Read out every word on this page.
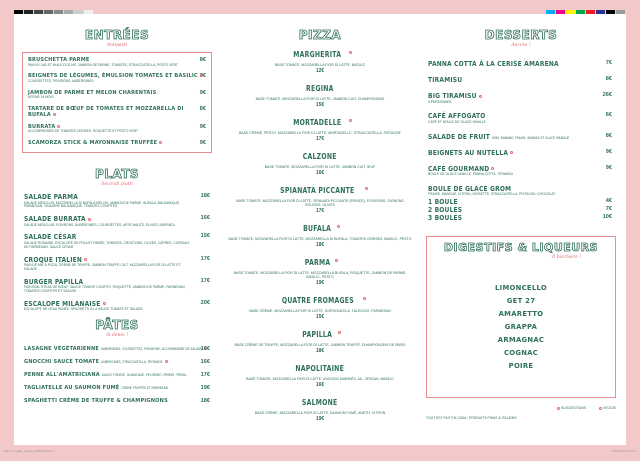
ENTRÉES
Antipasti
BRUSCHETTA PARME
PAIN À L'AIL ET HUILE D'OLIVE, JAMBON DE PARME, TOMATES, STRACCIATELLA, PESTO VERT
8€
BEIGNETS DE LÉGUMES, ÉMULSION TOMATES ET BASILIC
COURGETTES, POIVRONS, AUBERGINES
7€
JAMBON DE PARME ET MELON CHARENTAIS
AFFINÉ 24 MOIS
9€
TARTARE DE BŒUF DE TOMATES ET MOZZARELLA DI BUFALA
8€
BURRATA
ACCOMPAGNÉE DE TOMATES CERISES, ROQUETTE ET PESTO VERT
9€
SCAMORZA STICK & MAYONNAISE TRUFFÉE	9€
PLATS
Secondi piatti
SALADE PARMA
SALADE MESCLUN, MOZZARELLA DI BUFALA MELON, JAMBON DE PARME, BUFALA, BALSAMIQUE, PARMESAN, VINAIGRE BALSAMIQUE, TOMATES CONFITES
18€
SALADE BURRATA
SALADE MESCLUN, POIVRONS, AUBERGINES, COURGETTES, ARTICHAUTS, OLIVES, BURRATA
16€
SALADE CÉSAR
SALADE ROMAINE, ESCALOPE DE POULET PANÉE, TOMATES, CROÛTONS, OLIVES, CÂPRES, COPEAUX DE PARMESAN, SAUCE CÉSAR
15€
CROQUE ITALIEN
PAIN DE MIE À PIZZA, CRÈME DE TRUFFE, JAMBON TRUFFÉ CUIT, MOZZARELLA FIOR DI LATTE ET SALADE
17€
BURGER PAPILLA
PAIN BUN, STEAK DE BŒUF, SAUCE TOMATE CONFITE, ROQUETTE, JAMBON DE PARME, PARMESAN, TOMATES CONFITES ET SALADE
17€
ESCALOPE MILANAISE
ESCALOPE DE VEAU PANÉE, SPAGHETTI À LA SAUCE TOMATE ET SALADE
20€
PÂTES
Al dente !
LASAGNE VÉGÉTARIENNE AUBERGINES, COURGETTES, POIVRONS, ACCOMPAGNÉE DE SALADE
16€
GNOCCHI SAUCE TOMATE AUBERGINES, STRACCIATELLA, FROMAGE	16€
PENNE ALL'AMATRICIANA SAUCE TOMATE, GUANCIALE, PECORINO, PIMENT, PERSIL	17€
TAGLIATELLE AU SAUMON FUMÉ CRÈME TRUFFÉE ET PARMESAN	19€
SPAGHETTI CRÈME DE TRUFFE & CHAMPIGNONS	18€
PIZZA
MARGHERITA
BASE TOMATE, MOZZARELLA FIOR DI LATTE, BASILIC
12€
REGINA
BASE TOMATE, MOZZARELLA FIOR DI LATTE, JAMBON CUIT, CHAMPIGNONS
15€
MORTADELLE
BASE CRÈME, PESTO, MOZZARELLA FIOR DI LATTE, MORTADELLE, STRACCIATELLA, PISTACHE
17€
CALZONE
BASE TOMATE, MOZZARELLA FIOR DI LATTE, JAMBON CUIT, ŒUF
16€
SPIANATA PICCANTE
BASE TOMATE, MOZZARELLA FIOR DI LATTE, SPIANATA PICCANTE (PEINCE), POIVRONS, OIGNONS ROUGES, OLIVES
17€
BUFALA
BASE TOMATE, MOZZARELLA FIOR DI LATTE, MOZZARELLA DI BUFALA, TOMATES CERISES, BASILIC, PESTO
18€
PARMA
BASE TOMATE, MOZZARELLA FIOR DI LATTE, MOZZARELLA BUFALA, ROQUETTE, JAMBON DE PARME, BASILIC, PESTO
19€
QUATRE FROMAGES
BASE CRÈME, MOZZARELLA FIOR DI LATTE, GORGONZOLA, TALEGGIO, PARMESAN
15€
PAPILLA
BASE CRÈME DE TRUFFE, MOZZARELLA FIOR DI LATTE, JAMBON TRUFFÉ, CHAMPIGNONS DE PARIS
18€
NAPOLITAINE
BASE TOMATE, MOZZARELLA FIOR DI LATTE, ANCHOIS MARINÉS, AIL, ORIGAN, BASILIC
16€
SALMONE
BASE CRÈME, MOZZARELLA FIOR DI LATTE, SAUMON FUMÉ, ANETH, CITRON
19€
DESSERTS
Ancora !
PANNA COTTA À LA CERISE AMARENA	7€
TIRAMISU	8€
BIG TIRAMISU
4 PERSONNES
26€
CAFÉ AFFOGATO
CAFÉ ET BOULE DE GLACE VANILLE
6€
SALADE DE FRUIT KIWI, BANANE, FRAISE, ANANAS ET GLACE MANGUE	8€
BEIGNETS AU NUTELLA	9€
CAFÉ GOURMAND
BOULE DE GLACE VANILLE, PANNA COTTA, TIRAMISU
9€
BOULE DE GLACE GROM
FRAISE, MANGUE, CITRON, NOISETTE, STRACCIATELLA, PISTACHE, CHOCOLAT
1 BOULE	4€
2 BOULES	7€
3 BOULES	10€
DIGESTIFS & LIQUEURS
Il bicchiere !
LIMONCELLO
GET 27
AMARETTO
GRAPPA
ARMAGNAC
COGNAC
POIRE
TOUT EST FAIT EN CASA : PRODUITS FRAIS & ITALIENS
SUGGESTIONS	VEGGIE
Menu_Papilla_rouille_EU6823-04-4 1	09/07/2023 12:31
